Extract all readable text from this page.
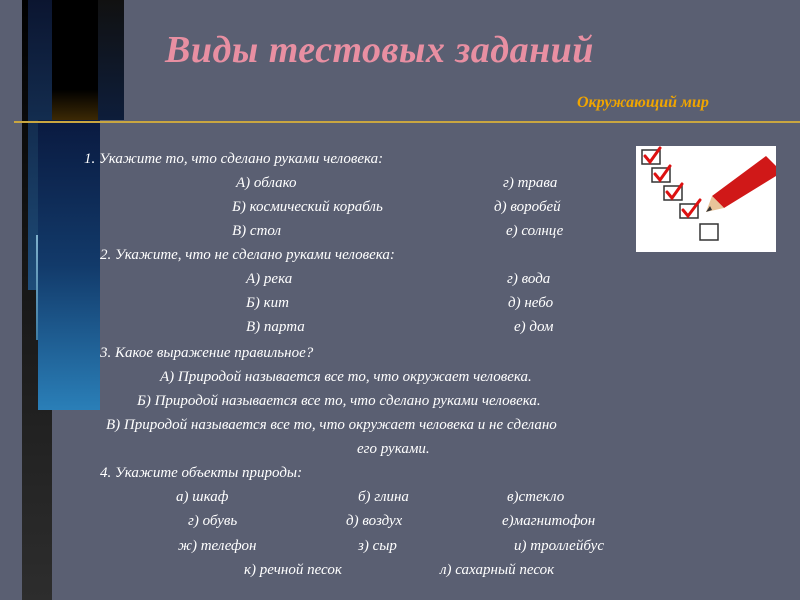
Виды тестовых заданий
Окружающий мир
1. Укажите то, что сделано руками человека:
А) облако	г) трава
Б) космический корабль	д) воробей
В) стол	е) солнце
2. Укажите, что не сделано руками человека:
А) река	г) вода
Б) кит	д) небо
В) парта	е) дом
3. Какое выражение правильное?
А) Природой называется все то, что окружает человека.
Б) Природой называется все то, что сделано руками человека.
В) Природой называется все то, что окружает человека и не сделано
его руками.
4. Укажите объекты природы:
а) шкаф	б) глина	в)стекло
г) обувь	д) воздух	е)магнитофон
ж) телефон	з) сыр	и) троллейбус
к) речной песок	л) сахарный песок
